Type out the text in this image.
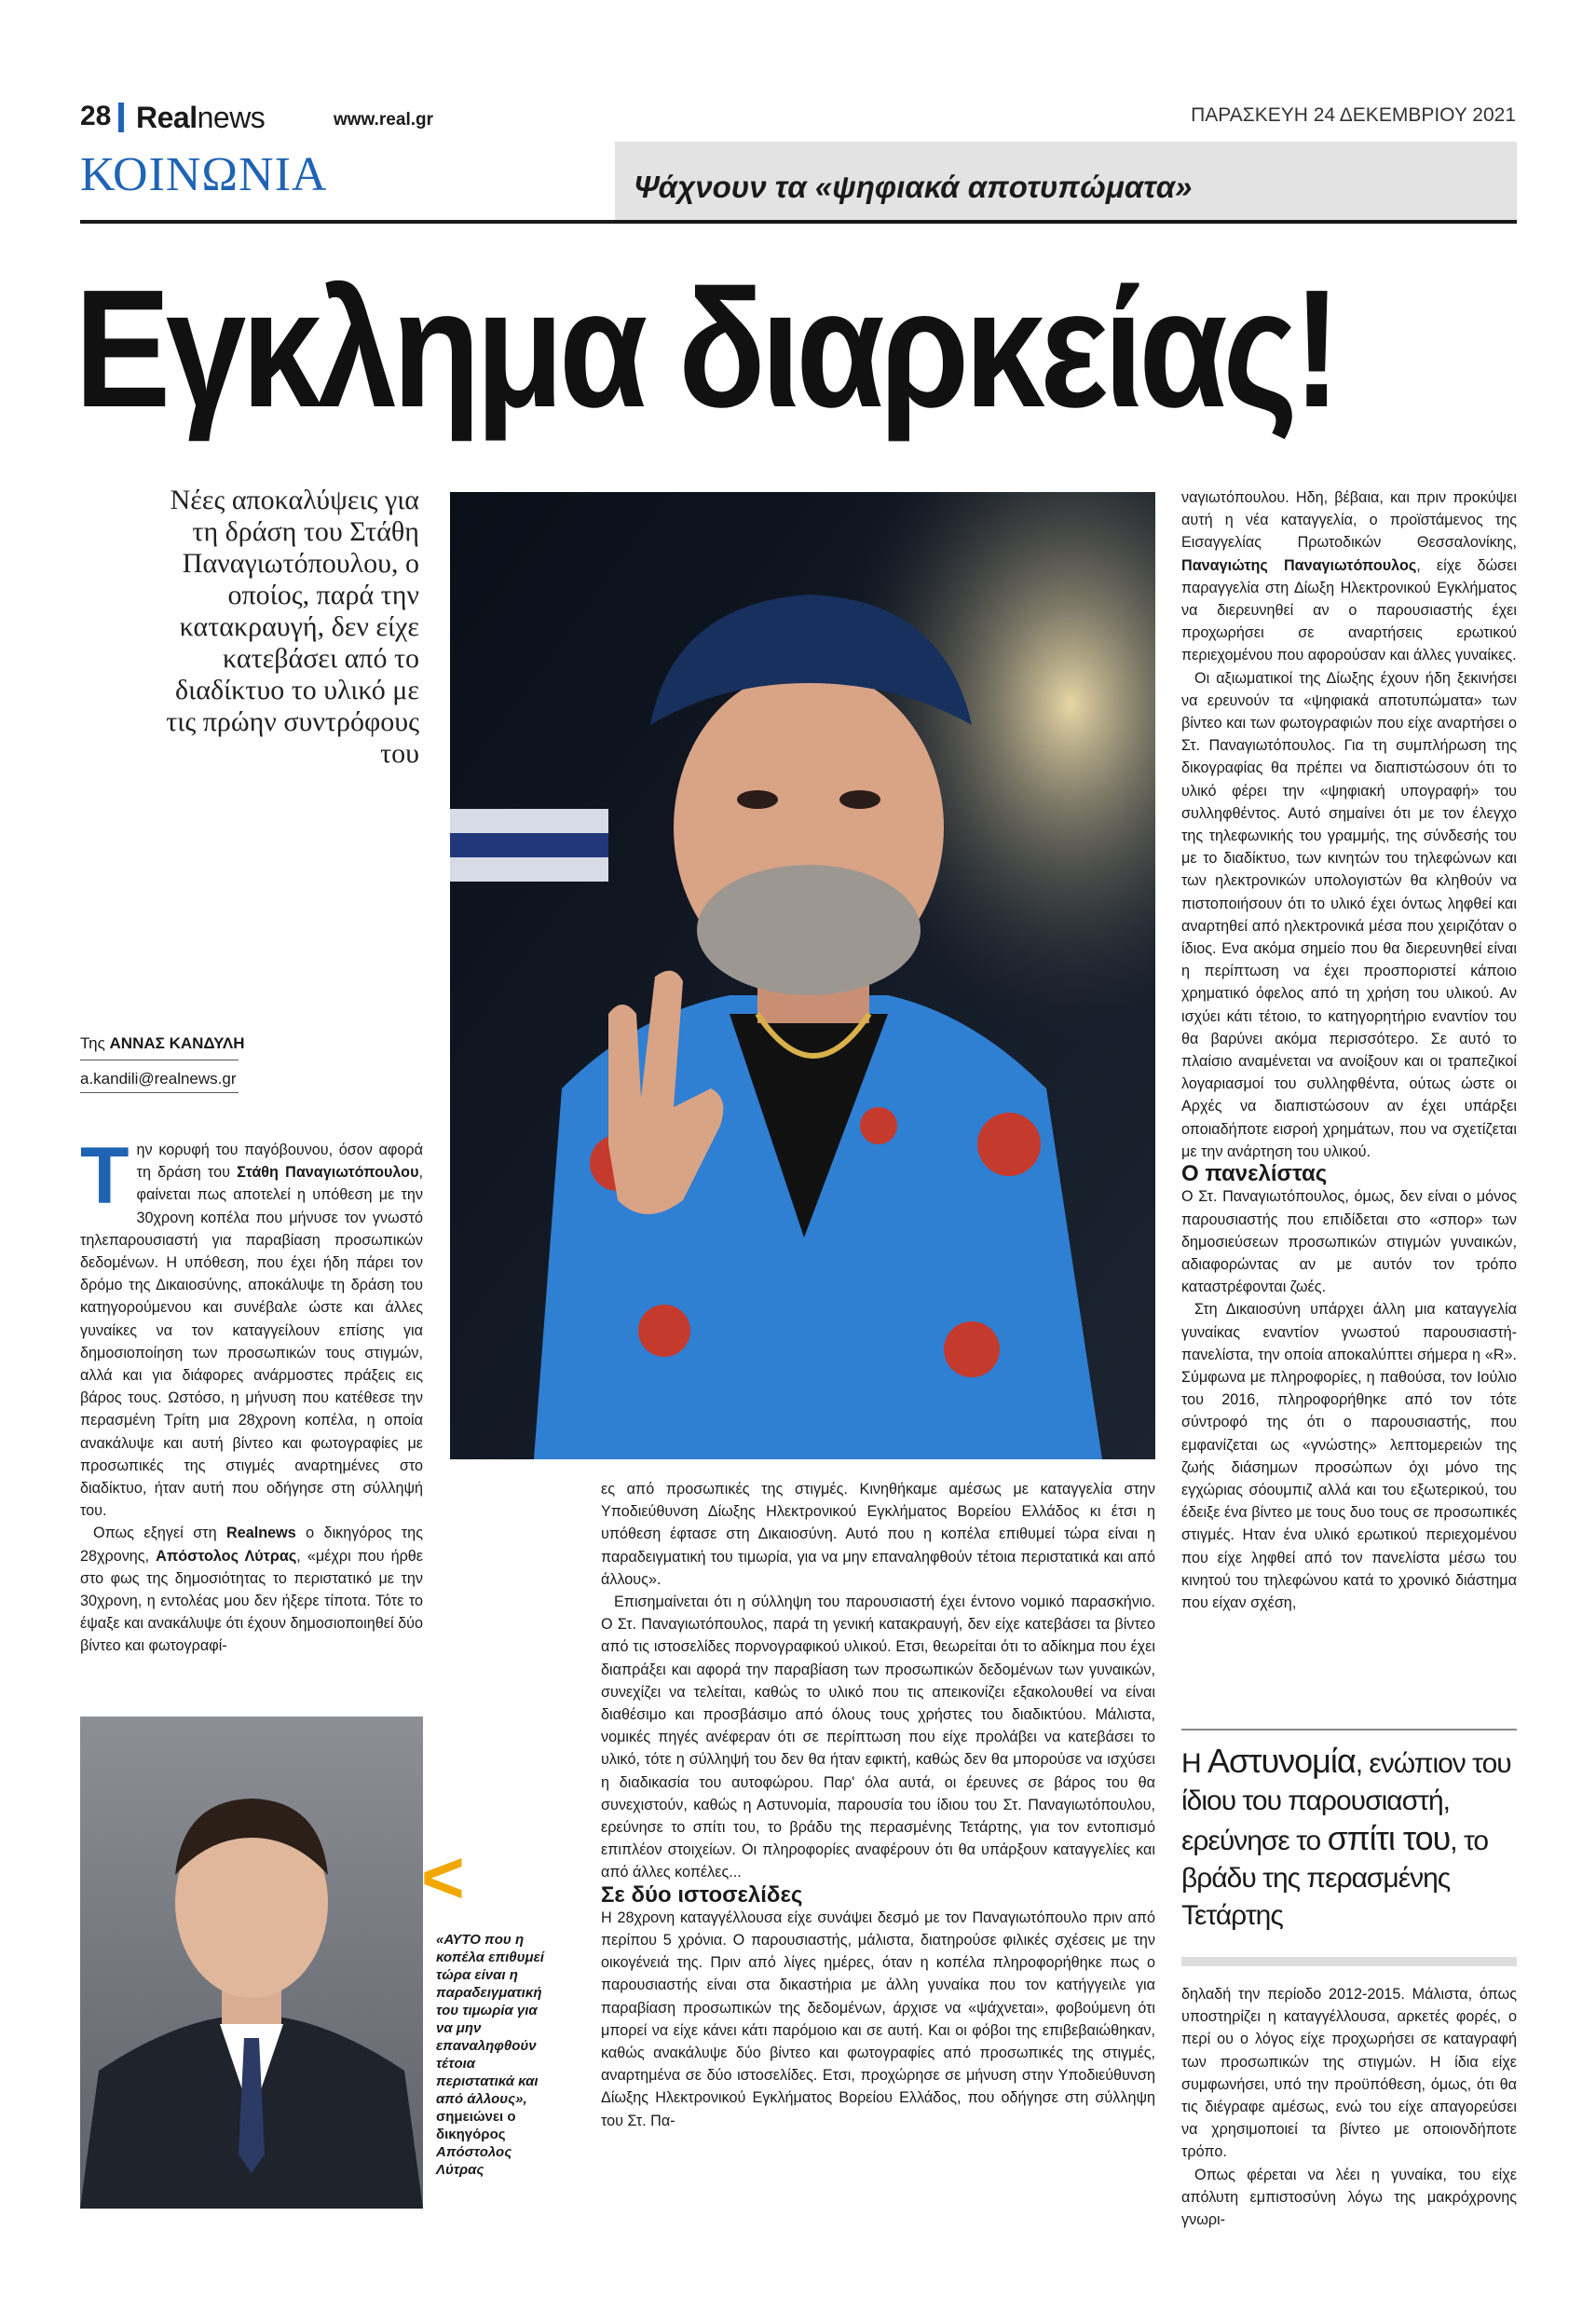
28 Realnews	www.real.gr	ΠΑΡΑΣΚΕΥΗ 24 ΔΕΚΕΜΒΡΙΟΥ 2021
ΚΟΙΝΩΝΙΑ	Ψάχνουν τα «ψηφιακά αποτυπώματα»
Εγκλημα διαρκείας!
Νέες αποκαλύψεις για τη δράση του Στάθη Παναγιωτόπουλου, ο οποίος, παρά την κατακραυγή, δεν είχε κατεβάσει από το διαδίκτυο το υλικό με τις πρώην συντρόφους του
Της ΑΝΝΑΣ ΚΑΝΔΥΛΗ
a.kandili@realnews.gr

Την κορυφή του παγόβουνου, όσον αφορά τη δράση του Στάθη Παναγιωτόπουλου, φαίνεται πως αποτελεί η υπόθεση με την 30χρονη κοπέλα που μήνυσε τον γνωστό τηλεπαρουσιαστή για παραβίαση προσωπικών δεδομένων. Η υπόθεση, που έχει ήδη πάρει τον δρόμο της Δικαιοσύνης, αποκάλυψε τη δράση του κατηγορούμενου και συνέβαλε ώστε και άλλες γυναίκες να τον καταγγείλουν επίσης για δημοσιοποίηση των προσωπικών τους στιγμών, αλλά και για διάφορες ανάρμοστες πράξεις εις βάρος τους. Ωστόσο, η μήνυση που κατέθεσε την περασμένη Τρίτη μια 28χρονη κοπέλα, η οποία ανακάλυψε και αυτή βίντεο και φωτογραφίες με προσωπικές της στιγμές αναρτημένες στο διαδίκτυο, ήταν αυτή που οδήγησε στη σύλληψή του.

Οπως εξηγεί στη Realnews ο δικηγόρος της 28χρονης, Απόστολος Λύτρας, «μέχρι που ήρθε στο φως της δημοσιότητας το περιστατικό με την 30χρονη, η εντολέας μου δεν ήξερε τίποτα. Τότε το έψαξε και ανακάλυψε ότι έχουν δημοσιοποιηθεί δύο βίντεο και φωτογραφί-

ες από προσωπικές της στιγμές. Κινηθήκαμε αμέσως με καταγγελία στην Υποδιεύθυνση Δίωξης Ηλεκτρονικού Εγκλήματος Βορείου Ελλάδος κι έτσι η υπόθεση έφτασε στη Δικαιοσύνη. Αυτό που η κοπέλα επιθυμεί τώρα είναι η παραδειγματική του τιμωρία, για να μην επαναληφθούν τέτοια περιστατικά και από άλλους».

Επισημαίνεται ότι η σύλληψη του παρουσιαστή έχει έντονο νομικό παρασκήνιο. Ο Στ. Παναγιωτόπουλος, παρά τη γενική κατακραυγή, δεν είχε κατεβάσει τα βίντεο από τις ιστοσελίδες πορνογραφικού υλικού. Ετσι, θεωρείται ότι το αδίκημα που έχει διαπράξει και αφορά την παραβίαση των προσωπικών δεδομένων των γυναικών, συνεχίζει να τελείται, καθώς το υλικό που τις απεικονίζει εξακολουθεί να είναι διαθέσιμο και προσβάσιμο από όλους τους χρήστες του διαδικτύου. Μάλιστα, νομικές πηγές ανέφεραν ότι σε περίπτωση που είχε προλάβει να κατεβάσει το υλικό, τότε η σύλληψή του δεν θα ήταν εφικτή, καθώς δεν θα μπορούσε να ισχύσει η διαδικασία του αυτοφώρου. Παρ' όλα αυτά, οι έρευνες σε βάρος του θα συνεχιστούν, καθώς η Αστυνομία, παρουσία του ίδιου του Στ. Παναγιωτόπουλου, ερεύνησε το σπίτι του, το βράδυ της περασμένης Τετάρτης, για τον εντοπισμό επιπλέον στοιχείων. Οι πληροφορίες αναφέρουν ότι θα υπάρξουν καταγγελίες και από άλλες κοπέλες...

Σε δύο ιστοσελίδες

Η 28χρονη καταγγέλλουσα είχε συνάψει δεσμό με τον Παναγιωτόπουλο πριν από περίπου 5 χρόνια. Ο παρουσιαστής, μάλιστα, διατηρούσε φιλικές σχέσεις με την οικογένειά της. Πριν από λίγες ημέρες, όταν η κοπέλα πληροφορήθηκε πως ο παρουσιαστής είναι στα δικαστήρια με άλλη γυναίκα που τον κατήγγειλε για παραβίαση προσωπικών της δεδομένων, άρχισε να «ψάχνεται», φοβούμενη ότι μπορεί να είχε κάνει κάτι παρόμοιο και σε αυτή. Και οι φόβοι της επιβεβαιώθηκαν, καθώς ανακάλυψε δύο βίντεο και φωτογραφίες από προσωπικές της στιγμές, αναρτημένα σε δύο ιστοσελίδες. Ετσι, προχώρησε σε μήνυση στην Υποδιεύθυνση Δίωξης Ηλεκτρονικού Εγκλήματος Βορείου Ελλάδος, που οδήγησε στη σύλληψη του Στ. Πα-

ναγιωτόπουλου. Ηδη, βέβαια, και πριν προκύψει αυτή η νέα καταγγελία, ο προϊστάμενος της Εισαγγελίας Πρωτοδικών Θεσσαλονίκης, Παναγιώτης Παναγιωτόπουλος, είχε δώσει παραγγελία στη Δίωξη Ηλεκτρονικού Εγκλήματος να διερευνηθεί αν ο παρουσιαστής έχει προχωρήσει σε αναρτήσεις ερωτικού περιεχομένου που αφορούσαν και άλλες γυναίκες.

Οι αξιωματικοί της Δίωξης έχουν ήδη ξεκινήσει να ερευνούν τα «ψηφιακά αποτυπώματα» των βίντεο και των φωτογραφιών που είχε αναρτήσει ο Στ. Παναγιωτόπουλος. Για τη συμπλήρωση της δικογραφίας θα πρέπει να διαπιστώσουν ότι το υλικό φέρει την «ψηφιακή υπογραφή» του συλληφθέντος. Αυτό σημαίνει ότι με τον έλεγχο της τηλεφωνικής του γραμμής, της σύνδεσής του με το διαδίκτυο, των κινητών του τηλεφώνων και των ηλεκτρονικών υπολογιστών θα κληθούν να πιστοποιήσουν ότι το υλικό έχει όντως ληφθεί και αναρτηθεί από ηλεκτρονικά μέσα που χειριζόταν ο ίδιος. Ενα ακόμα σημείο που θα διερευνηθεί είναι η περίπτωση να έχει προσποριστεί κάποιο χρηματικό όφελος από τη χρήση του υλικού. Αν ισχύει κάτι τέτοιο, το κατηγορητήριο εναντίον του θα βαρύνει ακόμα περισσότερο. Σε αυτό το πλαίσιο αναμένεται να ανοίξουν και οι τραπεζικοί λογαριασμοί του συλληφθέντα, ούτως ώστε οι Αρχές να διαπιστώσουν αν έχει υπάρξει οποιαδήποτε εισροή χρημάτων, που να σχετίζεται με την ανάρτηση του υλικού.

Ο πανελίστας

Ο Στ. Παναγιωτόπουλος, όμως, δεν είναι ο μόνος παρουσιαστής που επιδίδεται στο «σπορ» των δημοσιεύσεων προσωπικών στιγμών γυναικών, αδιαφορώντας αν με αυτόν τον τρόπο καταστρέφονται ζωές.

Στη Δικαιοσύνη υπάρχει άλλη μια καταγγελία γυναίκας εναντίον γνωστού παρουσιαστή-πανελίστα, την οποία αποκαλύπτει σήμερα η «R». Σύμφωνα με πληροφορίες, η παθούσα, τον Ιούλιο του 2016, πληροφορήθηκε από τον τότε σύντροφό της ότι ο παρουσιαστής, που εμφανίζεται ως «γνώστης» λεπτομερειών της ζωής διάσημων προσώπων όχι μόνο της εγχώριας σόουμπιζ αλλά και του εξωτερικού, του έδειξε ένα βίντεο με τους δυο τους σε προσωπικές στιγμές. Ηταν ένα υλικό ερωτικού περιεχομένου που είχε ληφθεί από τον πανελίστα μέσω του κινητού του τηλεφώνου κατά το χρονικό διάστημα που είχαν σχέση,

Η Αστυνομία, ενώπιον του ίδιου του παρουσιαστή, ερεύνησε το σπίτι του, το βράδυ της περασμένης Τετάρτης

δηλαδή την περίοδο 2012-2015. Μάλιστα, όπως υποστηρίζει η καταγγέλλουσα, αρκετές φορές, ο περί ου ο λόγος είχε προχωρήσει σε καταγραφή των προσωπικών της στιγμών. Η ίδια είχε συμφωνήσει, υπό την προϋπόθεση, όμως, ότι θα τις διέγραφε αμέσως, ενώ του είχε απαγορεύσει να χρησιμοποιεί τα βίντεο με οποιονδήποτε τρόπο.

Οπως φέρεται να λέει η γυναίκα, του είχε απόλυτη εμπιστοσύνη λόγω της μακρόχρονης γνωρι-

<
«ΑΥΤΟ που η κοπέλα επιθυμεί τώρα είναι η παραδειγματική του τιμωρία για να μην επαναληφθούν τέτοια περιστατικά και από άλλους», σημειώνει ο δικηγόρος Απόστολος Λύτρας
